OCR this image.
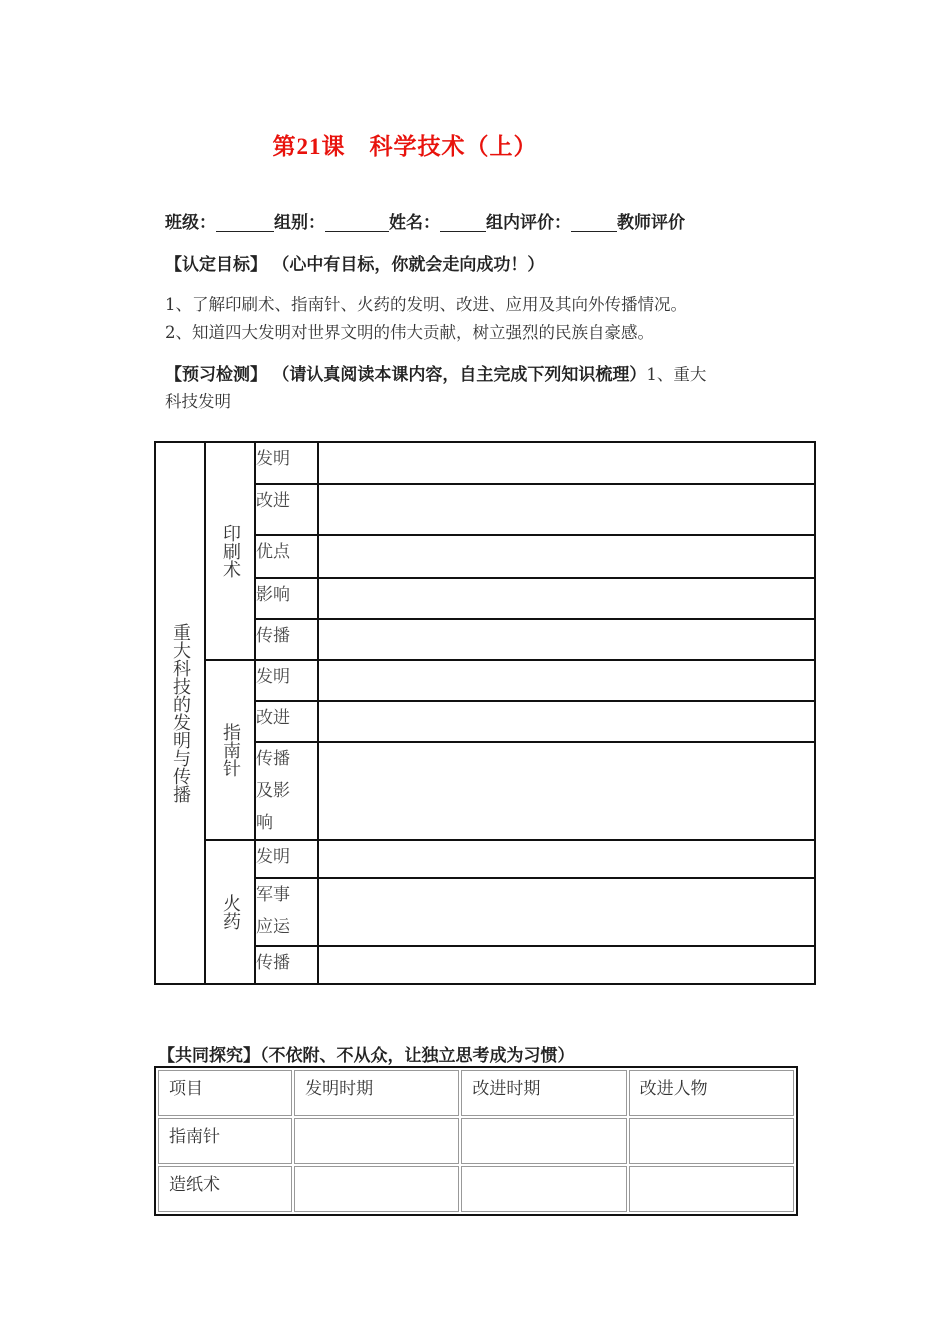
第21课　科学技术（上）
班级：	组别：	姓名：	组内评价：	教师评价
【认定目标】 （心中有目标，你就会走向成功！）
1、了解印刷术、指南针、火药的发明、改进、应用及其向外传播情况。
2、知道四大发明对世界文明的伟大贡献，树立强烈的民族自豪感。
【预习检测】 （请认真阅读本课内容，自主完成下列知识梳理）1、重大
科技发明
重大科技的发明与传播	印刷术	发明	
		改进	
		优点	
		影响	
		传播	

	指南针	发明	
		改进	

		传播
及影
响	

	火药	发明	

		军事
应运	

		传播	
【共同探究】（不依附、不从众，让独立思考成为习惯）
项目	发明时期	改进时期	改进人物
指南针			
造纸术			
